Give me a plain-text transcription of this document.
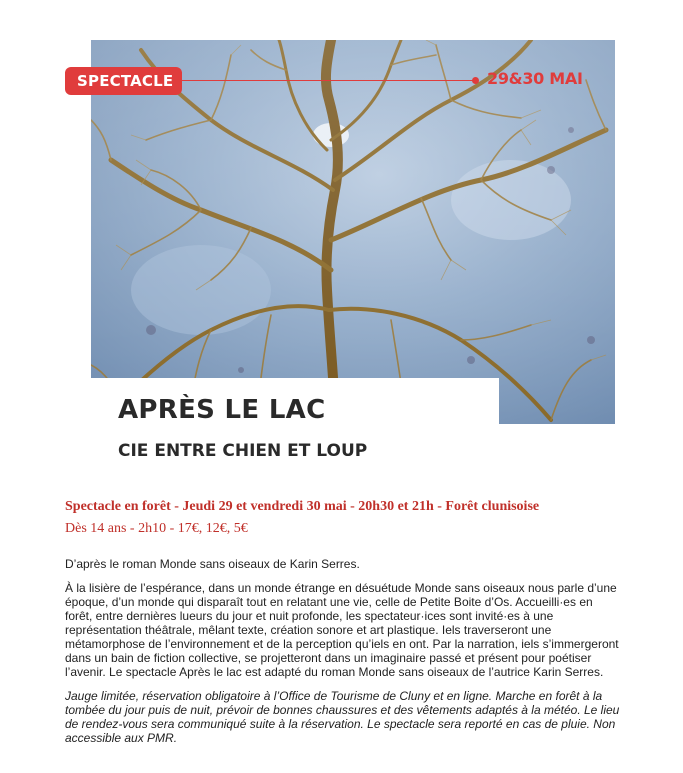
SPECTACLE	29&30 MAI
APRÈS LE LAC
CIE ENTRE CHIEN ET LOUP
Spectacle en forêt - Jeudi 29 et vendredi 30 mai - 20h30 et 21h - Forêt clunisoise
Dès 14 ans - 2h10 - 17€, 12€, 5€

D’après le roman Monde sans oiseaux de Karin Serres.

À la lisière de l’espérance, dans un monde étrange en désuétude Monde sans oiseaux nous parle d’une époque, d’un monde qui disparaît tout en relatant une vie, celle de Petite Boite d’Os. Accueilli·es en forêt, entre dernières lueurs du jour et nuit profonde, les spectateur·ices sont invité·es à une représentation théâtrale, mêlant texte, création sonore et art plastique. Iels traverseront une métamorphose de l’environnement et de la perception qu’iels en ont. Par la narration, iels s’immergeront dans un bain de fiction collective, se projetteront dans un imaginaire passé et présent pour poétiser l’avenir. Le spectacle Après le lac est adapté du roman Monde sans oiseaux de l’autrice Karin Serres.

Jauge limitée, réservation obligatoire à l’Office de Tourisme de Cluny et en ligne. Marche en forêt à la tombée du jour puis de nuit, prévoir de bonnes chaussures et des vêtements adaptés à la météo. Le lieu de rendez-vous sera communiqué suite à la réservation. Le spectacle sera reporté en cas de pluie. Non accessible aux PMR.
